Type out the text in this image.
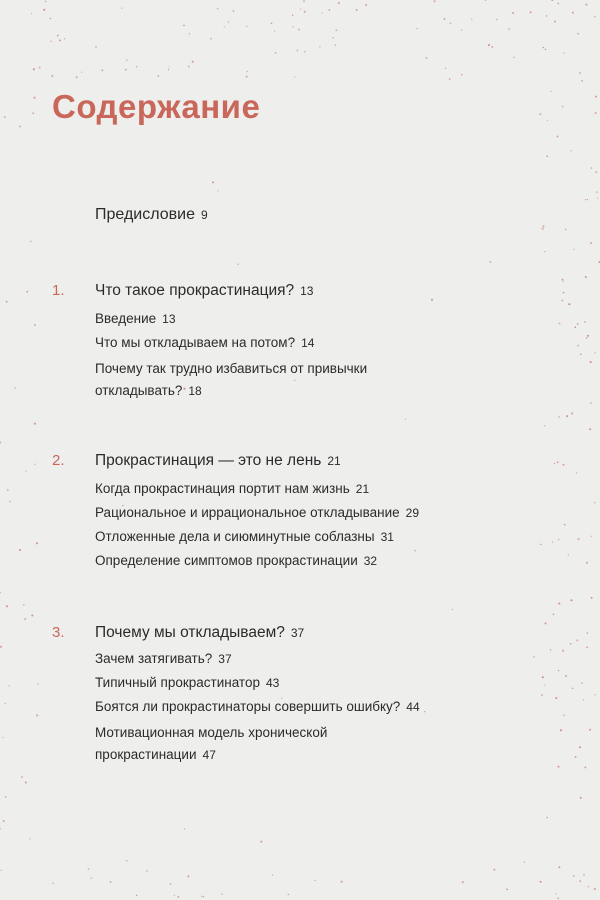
Содержание
Предисловие 9
1. Что такое прокрастинация? 13
Введение 13
Что мы откладываем на потом? 14
Почему так трудно избавиться от привычки откладывать? 18
2. Прокрастинация — это не лень 21
Когда прокрастинация портит нам жизнь 21
Рациональное и иррациональное откладывание 29
Отложенные дела и сиюминутные соблазны 31
Определение симптомов прокрастинации 32
3. Почему мы откладываем? 37
Зачем затягивать? 37
Типичный прокрастинатор 43
Боятся ли прокрастинаторы совершить ошибку? 44
Мотивационная модель хронической прокрастинации 47
